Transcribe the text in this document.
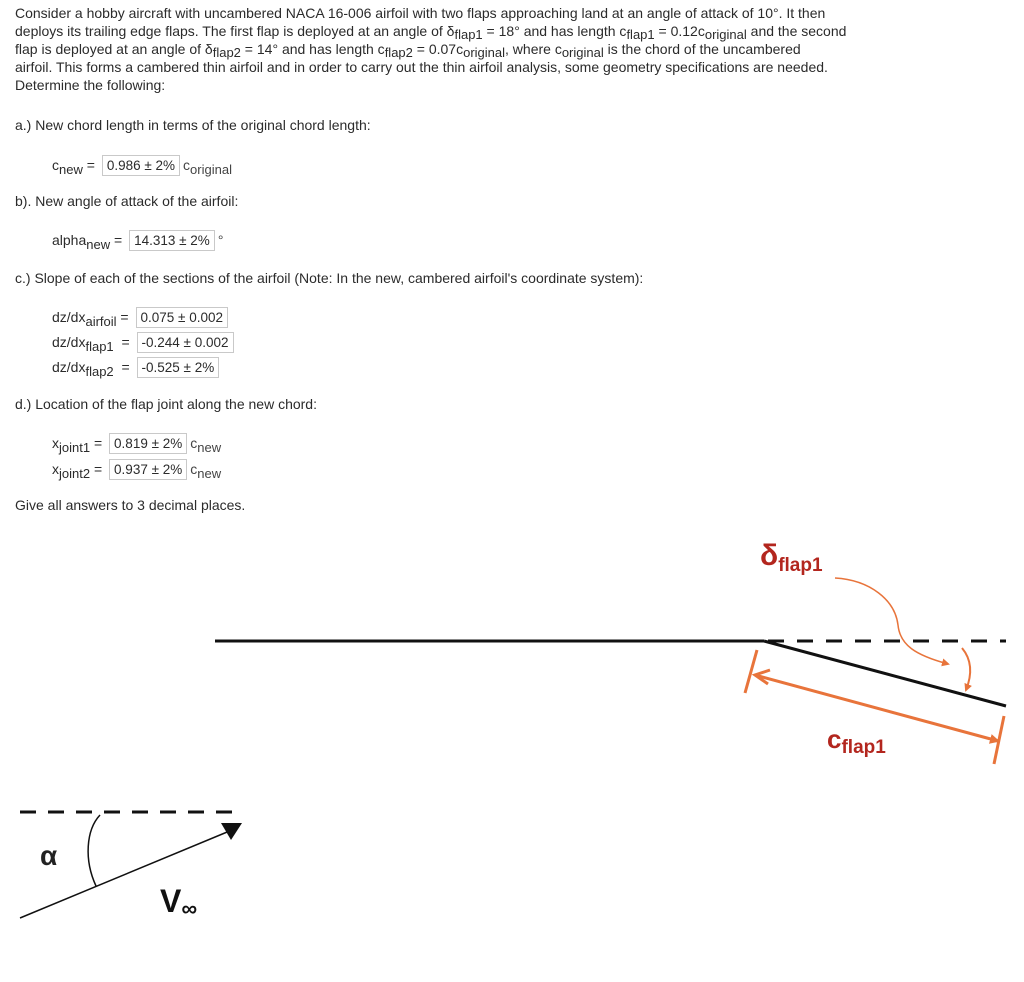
Consider a hobby aircraft with uncambered NACA 16-006 airfoil with two flaps approaching land at an angle of attack of 10°. It then
deploys its trailing edge flaps. The first flap is deployed at an angle of $\delta_{flap1} = 18^\circ$ and has length $c_{flap1} = 0.12c_{original}$ and the second
flap is deployed at an angle of $\delta_{flap2} = 14^\circ$ and has length $c_{flap2} = 0.07c_{original}$, where $c_{original}$ is the chord of the uncambered
airfoil. This forms a cambered thin airfoil and in order to carry out the thin airfoil analysis, some geometry specifications are needed.
Determine the following:
a.) New chord length in terms of the original chord length:
$c_{new} = 0.986 \pm 2\%$ $c_{original}$
b). New angle of attack of the airfoil:
alpha$_{new}$ = 14.313 ± 2% °
c.) Slope of each of the sections of the airfoil (Note: In the new, cambered airfoil's coordinate system):
$dz/dx_{airfoil} = 0.075 \pm 0.002$
$dz/dx_{flap1} = -0.244 \pm 0.002$
$dz/dx_{flap2} = -0.525 \pm 2\%$
d.) Location of the flap joint along the new chord:
$x_{joint1} = 0.819 \pm 2\%$ $c_{new}$
$x_{joint2} = 0.937 \pm 2\%$ $c_{new}$
Give all answers to 3 decimal places.
$\delta_{flap1}$
cflap1
α
V∞
